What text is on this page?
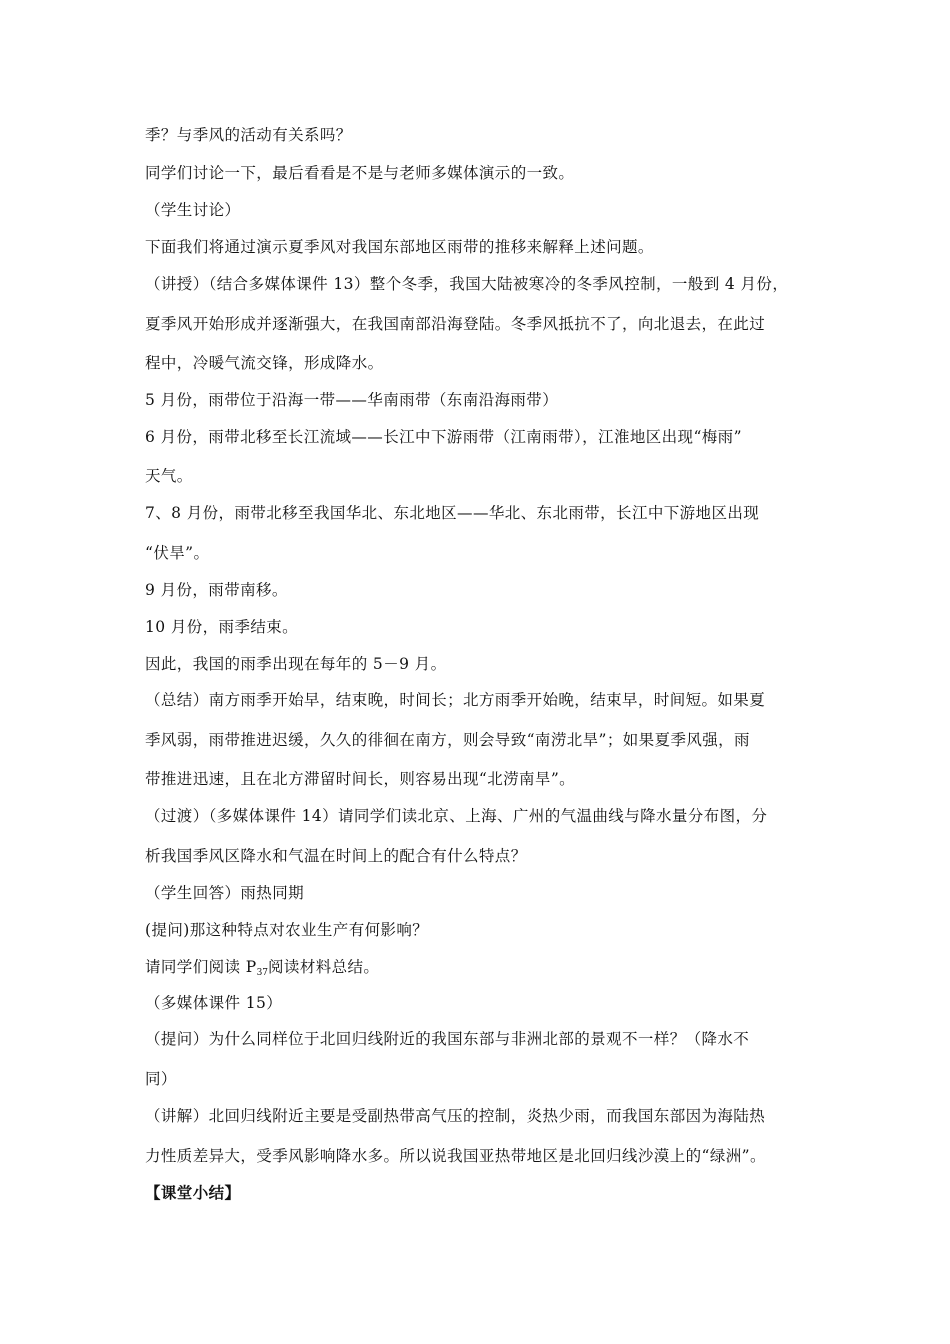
季？与季风的活动有关系吗？
同学们讨论一下，最后看看是不是与老师多媒体演示的一致。
（学生讨论）
下面我们将通过演示夏季风对我国东部地区雨带的推移来解释上述问题。
（讲授）（结合多媒体课件 13）整个冬季，我国大陆被寒冷的冬季风控制，一般到 4 月份，
夏季风开始形成并逐渐强大，在我国南部沿海登陆。冬季风抵抗不了，向北退去，在此过
程中，冷暖气流交锋，形成降水。
5 月份，雨带位于沿海一带——华南雨带（东南沿海雨带）
6 月份，雨带北移至长江流域——长江中下游雨带（江南雨带），江淮地区出现“梅雨”
天气。
7、8 月份，雨带北移至我国华北、东北地区——华北、东北雨带，长江中下游地区出现
“伏旱”。
9 月份，雨带南移。
10 月份，雨季结束。
因此，我国的雨季出现在每年的 5－9 月。
（总结）南方雨季开始早，结束晚，时间长；北方雨季开始晚，结束早，时间短。如果夏
季风弱，雨带推进迟缓，久久的徘徊在南方，则会导致“南涝北旱”；如果夏季风强，雨
带推进迅速，且在北方滞留时间长，则容易出现“北涝南旱”。
（过渡）（多媒体课件 14）请同学们读北京、上海、广州的气温曲线与降水量分布图，分
析我国季风区降水和气温在时间上的配合有什么特点？
（学生回答）雨热同期
(提问)那这种特点对农业生产有何影响？
请同学们阅读 $P_{37}$阅读材料总结。
（多媒体课件 15）
（提问）为什么同样位于北回归线附近的我国东部与非洲北部的景观不一样？（降水不
同）
（讲解）北回归线附近主要是受副热带高气压的控制，炎热少雨，而我国东部因为海陆热
力性质差异大，受季风影响降水多。所以说我国亚热带地区是北回归线沙漠上的“绿洲”。
【课堂小结】
